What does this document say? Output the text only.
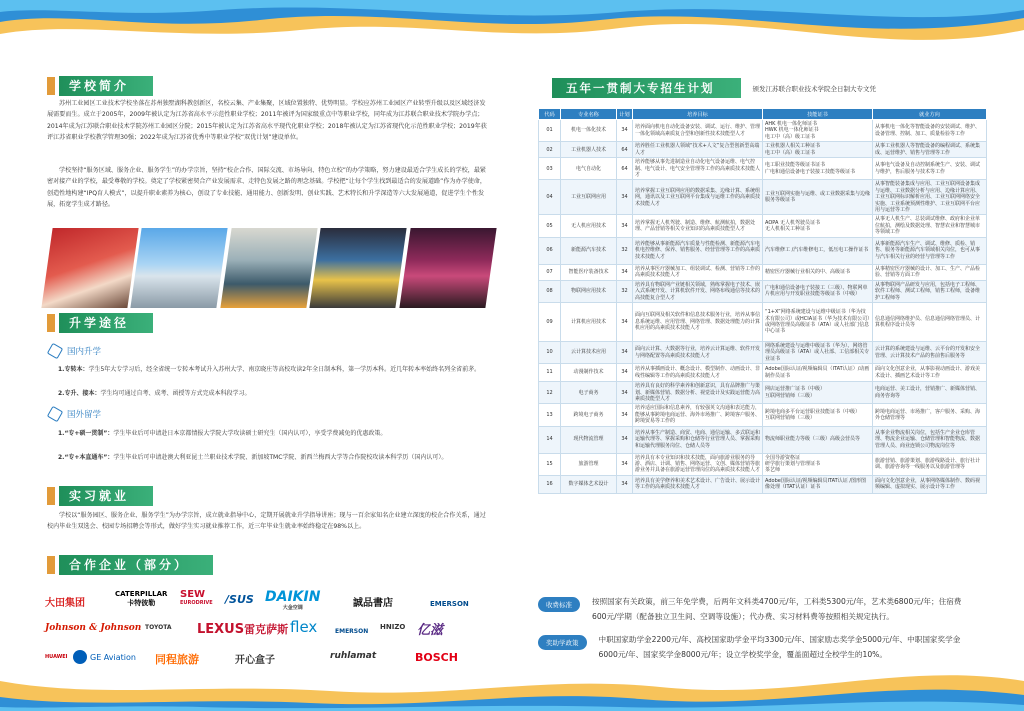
学校简介
苏州工业园区工业技术学校坐落在苏州独墅湖科教创新区，名校云集、产业集聚，区域位置独特、优势明显。学校应苏州工业园区产业转型升级以及区域经济发展需要而生。成立于2005年，2009年被认定为江苏省高水平示范性职业学校；2011年被评为国家级重点中等职业学校，同年成为江苏联合职业技术学院办学点；2014年成为江苏联合职业技术学院苏州工业园区分院；2015年被认定为江苏省高水平现代化职业学校；2018年被认定为江苏省现代化示范性职业学校；2019年获评江苏省职业学校教学管理30强；2022年成为江苏省优秀中等职业学校“双优计划”建设单位。
学校坚持“服务区域、服务企业、服务学生”的办学宗旨，坚持“校企合作、国际交流、市场导向、特色立校”的办学策略，努力建设最适合学生成长的学校，最紧密对接产业的学校，最受尊敬的学校。奠定了学校紧密契合产业发展需求、走特色发展之路的理念基础。学校把“让每个学生找到最适合的发展道路”作为办学使命，创造性地构建“IPQ育人模式”，以提升职业素养为核心，创设了专业技能、通用能力、创新发明、创业实践、艺术特长和升学深造等六大发展通道，促进学生个性发展，拓宽学生成才路径。
升学途径
国内升学
1.专转本：学生5年大专学习后，经全省统一专转本考试升入苏州大学、南京晓庄等高校攻读2年全日制本科，第一学历本科。近几年转本率始终名列全省前茅。
2.专升、接本：学生均可通过自考、成考、函授等方式完成本科段学习。
国外留学
1.“专+硕一贯制”：学生毕业后可申请赴日本京都情报大学院大学攻读硕士研究生（国内认可），享受学费减免的优惠政策。
2.“专+本直通车”：学生毕业后可申请赴澳大利亚昆士兰职业技术学院、新加坡TMC学院、新西兰梅西大学等合作院校攻读本科学历（国内认可）。
实习就业
学校以“服务园区、服务企业、服务学生”为办学宗旨，成立就业指导中心，定期开展就业升学指导讲座；现与一百余家知名企业建立深度的校企合作关系，通过校内毕业生双选会、校园专场招聘会等形式，做好学生实习就业推荐工作，近三年毕业生就业率始终稳定在98%以上。
合作企业（部分）
大田集团
CATERPILLAR
卡特彼勒
SEW
EURODRIVE /SUS DAIKIN
大金空调	誠品書店	EMERSON
Johnson & Johnson TOYOTA LEXUS雷克萨斯 flex	EMERSON
HNIZO 亿滋
HUAWEI	GE Aviation 同程旅游	开心盒子	ruhlamat	BOSCH
五年一贯制大专招生计划	颁发江苏联合职业技术学院全日制大专文凭
代码	专业名称	计划	培养目标	技能证书	就业方向
01	机电一体化技术	34	培养面向机电自动化设备安装、调试、运行、维护、管理一体化领域高素质复合型和创新性技术技能型人才	AHK 机电一体化师证书
HWK 机电一体化师证书
电工中（高）级工证书	从事机电一体化等智能设备的安装调试、维护、设备管理、控制、加工、质量检验等工作
02	工业机器人技术	64	培养胜任工业机器人领域“技术+人文”复合型创新型高端人才	工业机器人相关工种证书
电工中（高）级工证书	从事工业机器人等智能设备的编程调试、系统集成、运营维护、销售与管理等工作
03	电气自动化	64	培养能够从事先进制造业自动化电气设备运维、电气控制、电气设计、电气安全管理等工作的高素质技术技能人才	电工职业技能等级证书证书
广电和通信设备电子装接工技能等级证书	从事电气设备及自动控制系统生产、安装、调试与维护，售后服务与技术等工作
04	工业互联网应用	34	培养掌握工业互联网应用的数据采集、边缘计算、系统组网，通讯以及工业互联网平台集成与运维工作的高素质技术技能人才	工业互联网实施与运维、或工业数据采集与边缘服务等级证书	从事智能装备集成与应用、工业互联网设备集成与运维、工业数据分析与应用、边缘计算应用、工业互联网标识解析应用、工业互联网网络安全实施、工业系统预测性维护、工业互联网平台应用与运营等工作
05	无人机应用技术	34	培养掌握无人机驾驶、制造、维修、航测航拍，数据处理、产品营销等相关专业知识的高素质技能型人才	AOPA 无人机驾驶员证书
无人机相关工种证书	从事无人机生产、总装调试维修、政府和企业单位航拍，测绘及数据处理、智慧农业和智慧城市等领域工作
06	新能源汽车技术	32	培养能够从事新能源汽车质量与性能检测、新能源汽车电机电控维修、保养、销售服务、经营管理等工作的高素质技术技能人才	汽车维修工 /汽车维修电工，低压电工操作证书	从事新能源汽车生产、调试、维修、质检、销售、服务等新能源汽车领域相关岗位，也可从事与汽车相关行业的经营与管理等工作
07	智能医疗装备技术	34	培养从事医疗器械加工、组装调试、检测、营销等工作的高素质技术技能人才	精密医疗器械行业相关的中、高级证书	从事精密医疗器械的设计、加工、生产、产品检验、营销等方面工作
08	物联网应用技术	32	培养具有物联网产业链相关领域，熟练掌握电子技术、嵌入式系统开发、计算机软件开发、网络布线通信等技术的高技能复合型人才	广电和通信设备电子装接工（三级）、物联网单片机应用与开发职业技能等级证书（中级）	从事物联网产品研发与应用，包括电子工程师、软件工程师、测试工程师，销售工程师，设备维护工程师等
09	计算机应用技术	34	面向互联网及相关软件和信息技术服务行业，培养从事信息系统运维、应用管理、网络管理、数据处理能力的计算机应用的高素质技术技能人才	“1+X”网络系统建设与运维中级证书（华为技术有限公司）或HCIA证书（华为技术有限公司）或网络管理员高级证书（ATA）或人社部门信息中心证书	信息通信网络维护员、信息通信网络管理员、计算机程序设计员等
10	云计算技术应用	34	面向云计算、大数据等行业，培养云计算运维、软件开发与网络配置等高素质技术技能人才	网络系统建设与运维中级证书（华为）、网络管理员高级证书（ATA）或人社部、工信部相关专业证书	云计算的系统建设与运维、云平台的开发和安全管理、云计算技术产品的售前售后服务等
11	动漫制作技术	34	培养从事插画设计、概念设计、模型制作、动画设计、非线性编辑等工作的高素质技术技能人才	Adobe国际认证/视频编辑员（ITAT认证）/动画制作员证书	面向文化创意企业，从事影视动画设计、游戏美术设计、插画艺术设计等工作
12	电子商务	34	培养具有良好的科学素养和创新意识，具有品牌推广与策划、新媒体营销、数据分析、视觉设计及实践运营能力高素质技能型人才	网店运营推广证书（中级）
互联网营销师（三级）	电商运营、美工设计，营销推广、新媒体营销、商务咨询等
13	跨境电子商务	34	培养适应国际和信息素养，有较强英文沟通和表达能力，能够从事跨境电商运营、海外市场推广、跨境客户服务、跨境贸易等工作的	跨境电商多平台运营职业技能证书（中级）
互联网营销师（三级）	跨境电商运营、市场推广，客户服务、采购、海外仓储管理等
14	现代物流管理	34	培养从事生产制造、商贸、电商、通信运输、多式联运和运输代理等、掌握采购和仓储等行业管理人员、掌握采购和运输代理服务岗位、仓储人员等	物流师职业能力等级（三级）高级会营员等	从事企业物流相关岗位，包括生产企业仓库管理、物流企业运输、仓储管理和智能物流、数据管理人员、商业连锁公司物流岗位等
15	旅游管理	34	培养具有本专业知识和技术技能，面向旅游业服务的导游、酒店、计调、销售、网络运营、文创、媒体营销等旅游业务并具备在旅游运营管理岗位的高素质技术技能人才	全国导游资格证
研学旅行策划与管理证书
茶艺师	旅游营销、旅游策划、旅游线路设计、旅行社计调、旅游咨询等一线服务以及旅游管理等
16	数字媒体艺术设计	34	培养具有美学修养和美术艺术设计、广告设计、展示设计等工作的高素质技术技能人才	Adobe国际认证/视频编辑员ITAT认证 /图形图像处理（ITAT认证）证书	面向文化创意企业，从事网络媒体制作、数码视频编辑、虚拟现实、展示设计等工作
收费标准	按照国家有关政策，前三年免学费，后两年文科类4700元/年，工科类5300元/年，艺术类6800元/年；住宿费600元/学期（配备独立卫生间、空调等设施）；代办费、实习材料费等按照相关规定执行。
奖助学政策	中职国家助学金2200元/年、高校国家助学金平均3300元/年、国家励志奖学金5000元/年、中职国家奖学金6000元/年、国家奖学金8000元/年；设立学校奖学金，覆盖面超过全校学生的10%。
